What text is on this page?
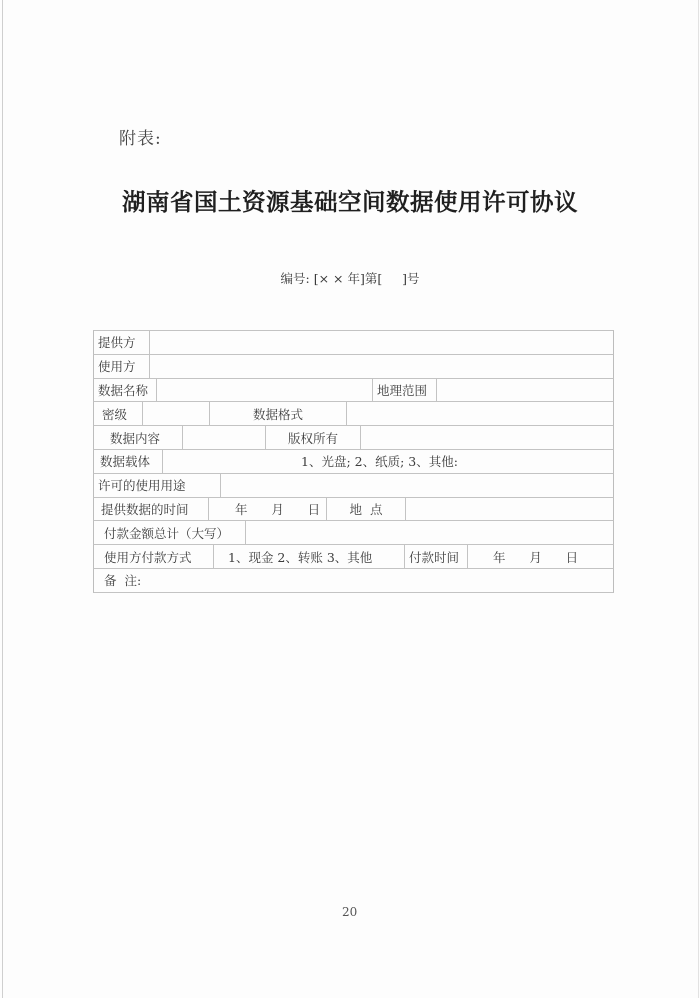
附表:
湖南省国土资源基础空间数据使用许可协议
编号: [× × 年]第[     ]号
提供方
使用方
数据名称	地理范围
密级	数据格式
数据内容	版权所有
数据载体	1、光盘; 2、纸质; 3、其他:
许可的使用用途
提供数据的时间	年      月      日	地  点
付款金额总计（大写）
使用方付款方式	1、现金 2、转账 3、其他	付款时间	年      月      日
备  注:
20
